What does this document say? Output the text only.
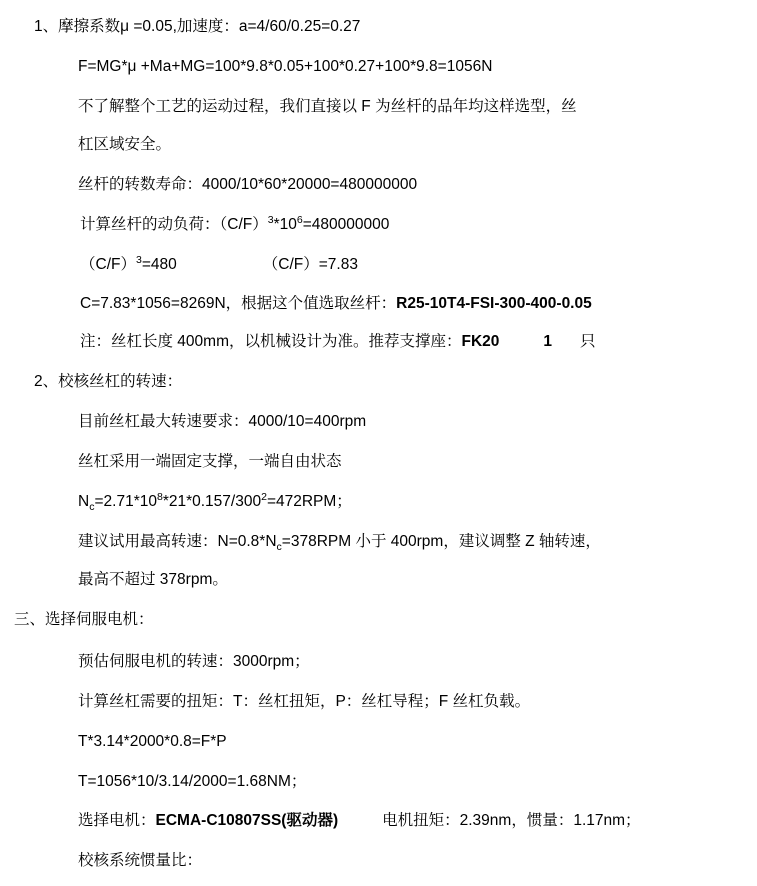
1、摩擦系数μ =0.05,加速度：a=4/60/0.25=0.27
F=MG*μ +Ma+MG=100*9.8*0.05+100*0.27+100*9.8=1056N
不了解整个工艺的运动过程，我们直接以 F 为丝杆的品年均这样选型，丝
杠区域安全。
丝杆的转数寿命：4000/10*60*20000=480000000
计算丝杆的动负荷：$(C/F)^3*10^6=480000000$
$(C/F)^3=480$	（C/F）=7.83
C=7.83*1056=8269N，根据这个值选取丝杆：R25-10T4-FSI-300-400-0.05
注：丝杠长度 400mm，以机械设计为准。推荐支撑座：FK20	1 只
2、校核丝杠的转速：
目前丝杠最大转速要求：4000/10=400rpm
丝杠采用一端固定支撑，一端自由状态
$N_c=2.71*10^8*21*0.157/300^2=472RPM$；
建议试用最高转速：$N=0.8*N_c=378RPM$ 小于 400rpm，建议调整 Z 轴转速，
最高不超过 378rpm。
三、选择伺服电机：
预估伺服电机的转速：3000rpm；
计算丝杠需要的扭矩：T：丝杠扭矩，P：丝杠导程；F 丝杠负载。
T*3.14*2000*0.8=F*P
T=1056*10/3.14/2000=1.68NM；
选择电机：ECMA-C10807SS(驱动器)	电机扭矩：2.39nm，惯量：1.17nm；
校核系统惯量比：
